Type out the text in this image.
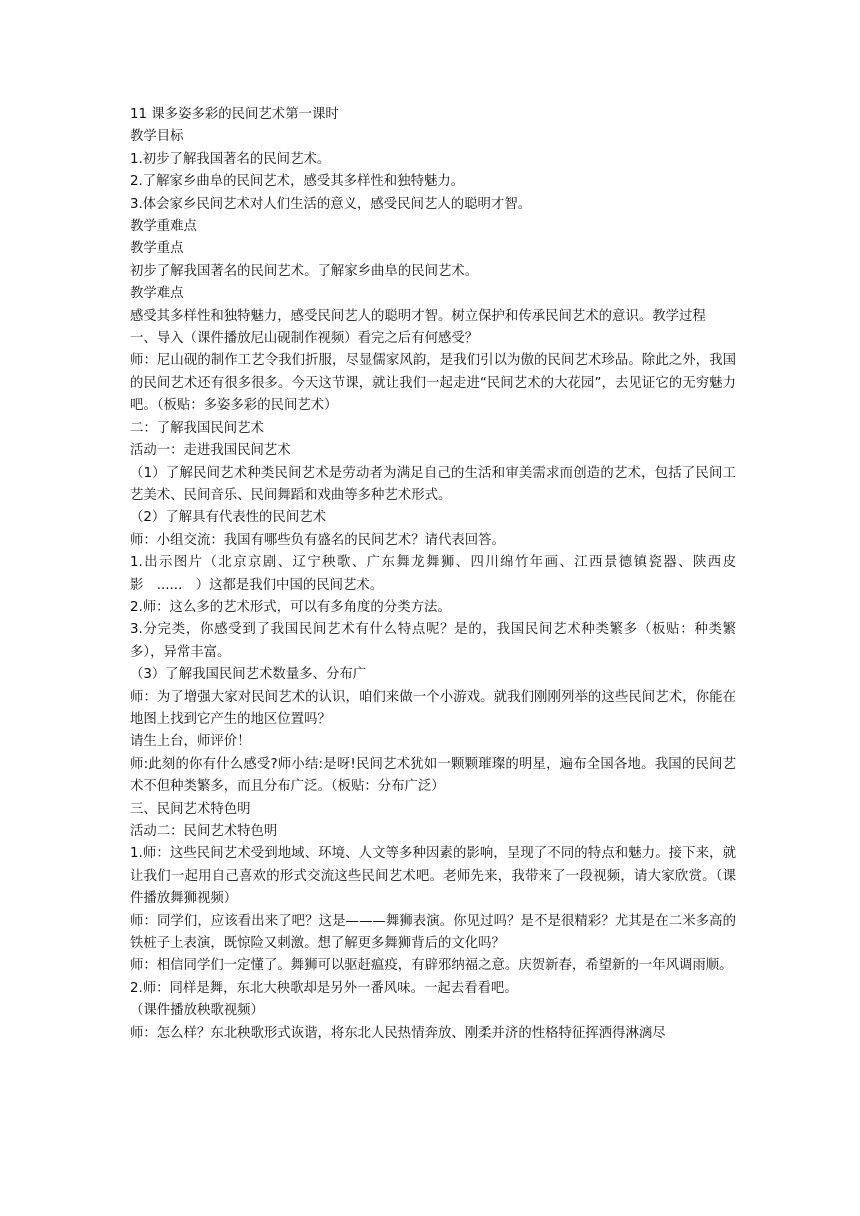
11 课多姿多彩的民间艺术第一课时

教学目标

1.初步了解我国著名的民间艺术。

2.了解家乡曲阜的民间艺术，感受其多样性和独特魅力。

3.体会家乡民间艺术对人们生活的意义，感受民间艺人的聪明才智。

教学重难点

教学重点

初步了解我国著名的民间艺术。了解家乡曲阜的民间艺术。

教学难点

感受其多样性和独特魅力，感受民间艺人的聪明才智。树立保护和传承民间艺术的意识。教学过程

一、导入（课件播放尼山砚制作视频）看完之后有何感受？

师：尼山砚的制作工艺令我们折服，尽显儒家风韵，是我们引以为傲的民间艺术珍品。除此之外，我国的民间艺术还有很多很多。今天这节课，就让我们一起走进“民间艺术的大花园”，去见证它的无穷魅力吧。（板贴：多姿多彩的民间艺术）

二：了解我国民间艺术

活动一：走进我国民间艺术

（1）了解民间艺术种类民间艺术是劳动者为满足自己的生活和审美需求而创造的艺术，包括了民间工艺美术、民间音乐、民间舞蹈和戏曲等多种艺术形式。

（2）了解具有代表性的民间艺术

师：小组交流：我国有哪些负有盛名的民间艺术？请代表回答。

1.出示图片（北京京剧、辽宁秧歌、广东舞龙舞狮、四川绵竹年画、江西景德镇瓷器、陕西皮影　......　）这都是我们中国的民间艺术。

2.师：这么多的艺术形式，可以有多角度的分类方法。

3.分完类，你感受到了我国民间艺术有什么特点呢？是的，我国民间艺术种类繁多（板贴：种类繁多），异常丰富。

（3）了解我国民间艺术数量多、分布广

师：为了增强大家对民间艺术的认识，咱们来做一个小游戏。就我们刚刚列举的这些民间艺术，你能在地图上找到它产生的地区位置吗？

请生上台，师评价！

师:此刻的你有什么感受?师小结:是呀!民间艺术犹如一颗颗璀璨的明星，遍布全国各地。我国的民间艺术不但种类繁多，而且分布广泛。（板贴：分布广泛）

三、民间艺术特色明

活动二：民间艺术特色明

1.师：这些民间艺术受到地域、环境、人文等多种因素的影响，呈现了不同的特点和魅力。接下来，就让我们一起用自己喜欢的形式交流这些民间艺术吧。老师先来，我带来了一段视频，请大家欣赏。（课件播放舞狮视频）

师：同学们，应该看出来了吧？这是———舞狮表演。你见过吗？是不是很精彩？尤其是在二米多高的铁桩子上表演，既惊险又刺激。想了解更多舞狮背后的文化吗？

师：相信同学们一定懂了。舞狮可以驱赶瘟疫，有辟邪纳福之意。庆贺新春，希望新的一年风调雨顺。

2.师：同样是舞，东北大秧歌却是另外一番风味。一起去看看吧。

（课件播放秧歌视频）

师：怎么样？东北秧歌形式诙谐，将东北人民热情奔放、刚柔并济的性格特征挥洒得淋漓尽
